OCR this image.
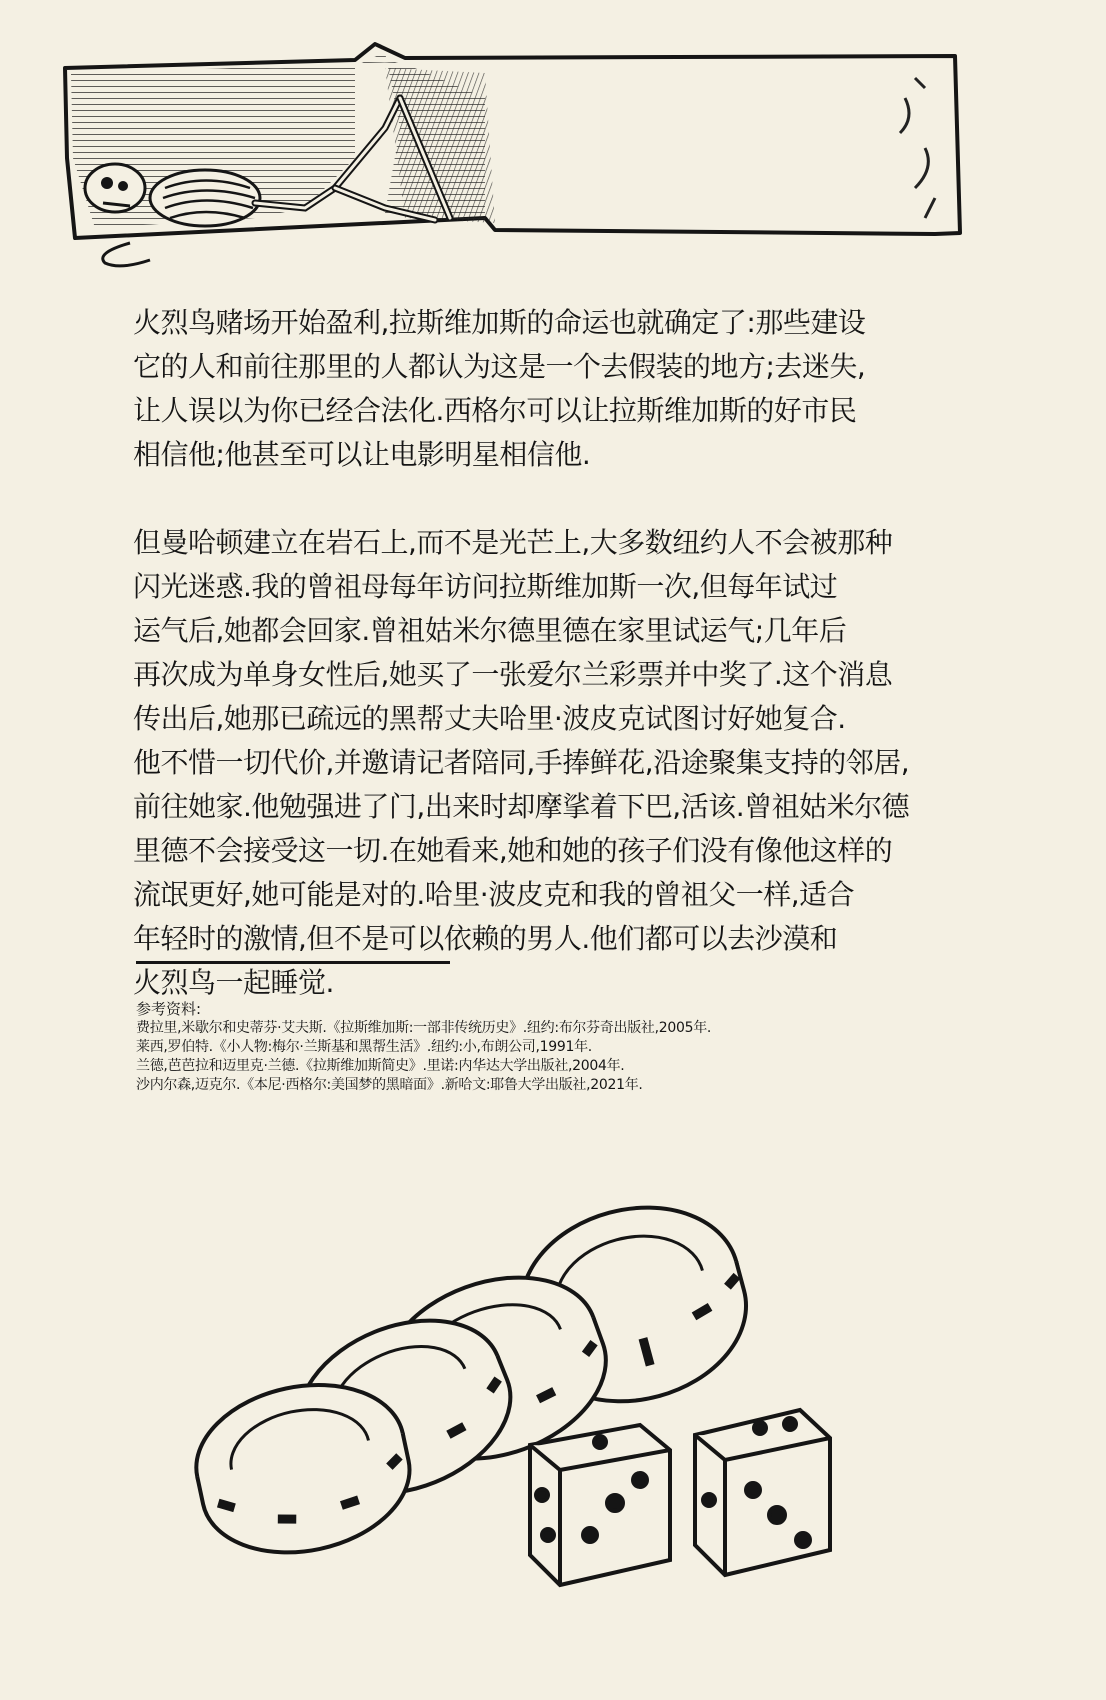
火烈鸟赌场开始盈利,拉斯维加斯的命运也就确定了:那些建设
它的人和前往那里的人都认为这是一个去假装的地方;去迷失,
让人误以为你已经合法化.西格尔可以让拉斯维加斯的好市民
相信他;他甚至可以让电影明星相信他.

但曼哈顿建立在岩石上,而不是光芒上,大多数纽约人不会被那种
闪光迷惑.我的曾祖母每年访问拉斯维加斯一次,但每年试过
运气后,她都会回家.曾祖姑米尔德里德在家里试运气;几年后
再次成为单身女性后,她买了一张爱尔兰彩票并中奖了.这个消息
传出后,她那已疏远的黑帮丈夫哈里·波皮克试图讨好她复合.
他不惜一切代价,并邀请记者陪同,手捧鲜花,沿途聚集支持的邻居,
前往她家.他勉强进了门,出来时却摩挲着下巴,活该.曾祖姑米尔德
里德不会接受这一切.在她看来,她和她的孩子们没有像他这样的
流氓更好,她可能是对的.哈里·波皮克和我的曾祖父一样,适合
年轻时的激情,但不是可以依赖的男人.他们都可以去沙漠和
火烈鸟一起睡觉.

参考资料:
费拉里,米歇尔和史蒂芬·艾夫斯.《拉斯维加斯:一部非传统历史》.纽约:布尔芬奇出版社,2005年.
莱西,罗伯特.《小人物:梅尔·兰斯基和黑帮生活》.纽约:小,布朗公司,1991年.
兰德,芭芭拉和迈里克·兰德.《拉斯维加斯简史》.里诺:内华达大学出版社,2004年.
沙内尔森,迈克尔.《本尼·西格尔:美国梦的黑暗面》.新哈文:耶鲁大学出版社,2021年.
